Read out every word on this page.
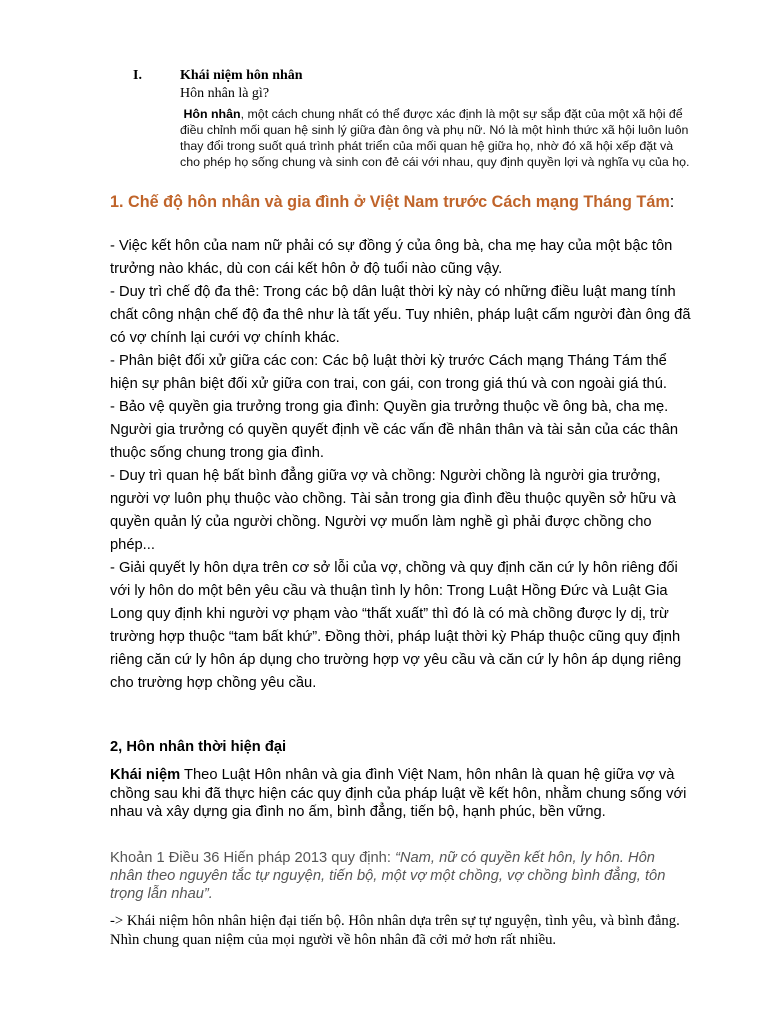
I.	Khái niệm hôn nhân
Hôn nhân là gì?
Hôn nhân, một cách chung nhất có thể được xác định là một sự sắp đặt của một xã hội để điều chỉnh mối quan hệ sinh lý giữa đàn ông và phụ nữ. Nó là một hình thức xã hội luôn luôn thay đổi trong suốt quá trình phát triển của mối quan hệ giữa họ, nhờ đó xã hội xếp đặt và cho phép họ sống chung và sinh con đẻ cái với nhau, quy định quyền lợi và nghĩa vụ của họ.
1. Chế độ hôn nhân và gia đình ở Việt Nam trước Cách mạng Tháng Tám:

- Việc kết hôn của nam nữ phải có sự đồng ý của ông bà, cha mẹ hay của một bậc tôn trưởng nào khác, dù con cái kết hôn ở độ tuổi nào cũng vậy.

- Duy trì chế độ đa thê: Trong các bộ dân luật thời kỳ này có những điều luật mang tính chất công nhận chế độ đa thê như là tất yếu. Tuy nhiên, pháp luật cấm người đàn ông đã có vợ chính lại cưới vợ chính khác.

- Phân biệt đối xử giữa các con: Các bộ luật thời kỳ trước Cách mạng Tháng Tám thể hiện sự phân biệt đối xử giữa con trai, con gái, con trong giá thú và con ngoài giá thú.

- Bảo vệ quyền gia trưởng trong gia đình: Quyền gia trưởng thuộc về ông bà, cha mẹ. Người gia trưởng có quyền quyết định về các vấn đề nhân thân và tài sản của các thân thuộc sống chung trong gia đình.

- Duy trì quan hệ bất bình đẳng giữa vợ và chồng: Người chồng là người gia trưởng, người vợ luôn phụ thuộc vào chồng. Tài sản trong gia đình đều thuộc quyền sở hữu và quyền quản lý của người chồng. Người vợ muốn làm nghề gì phải được chồng cho phép...

- Giải quyết ly hôn dựa trên cơ sở lỗi của vợ, chồng và quy định căn cứ ly hôn riêng đối với ly hôn do một bên yêu cầu và thuận tình ly hôn: Trong Luật Hồng Đức và Luật Gia Long quy định khi người vợ phạm vào “thất xuất” thì đó là có mà chồng được ly dị, trừ trường hợp thuộc “tam bất khứ”. Đồng thời, pháp luật thời kỳ Pháp thuộc cũng quy định riêng căn cứ ly hôn áp dụng cho trường hợp vợ yêu cầu và căn cứ ly hôn áp dụng riêng cho trường hợp chồng yêu cầu.

2, Hôn nhân thời hiện đại
Khái niệm Theo Luật Hôn nhân và gia đình Việt Nam, hôn nhân là quan hệ giữa vợ và chồng sau khi đã thực hiện các quy định của pháp luật về kết hôn, nhằm chung sống với nhau và xây dựng gia đình no ấm, bình đẳng, tiến bộ, hạnh phúc, bền vững.
Khoản 1 Điều 36 Hiến pháp 2013 quy định: “Nam, nữ có quyền kết hôn, ly hôn. Hôn nhân theo nguyên tắc tự nguyện, tiến bộ, một vợ một chồng, vợ chồng bình đẳng, tôn trọng lẫn nhau”.
-> Khái niệm hôn nhân hiện đại tiến bộ. Hôn nhân dựa trên sự tự nguyện, tình yêu, và bình đẳng. Nhìn chung quan niệm của mọi người về hôn nhân đã cởi mở hơn rất nhiều.
